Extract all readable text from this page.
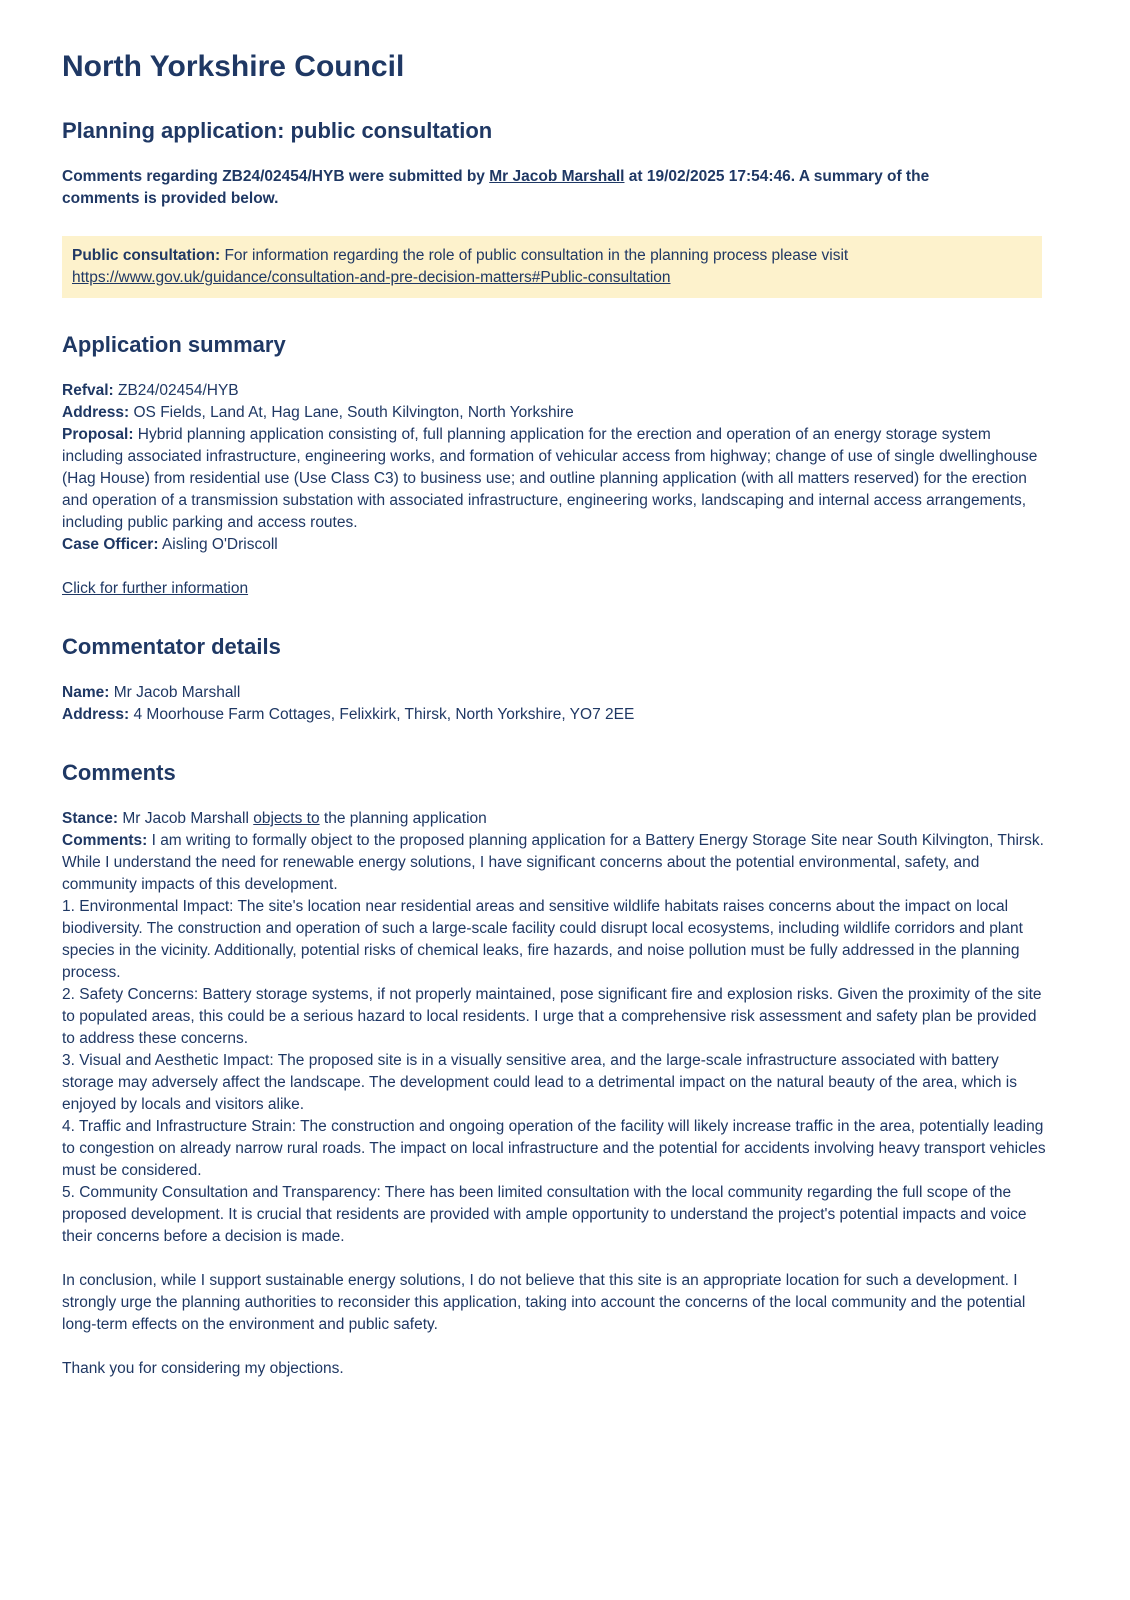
North Yorkshire Council
Planning application: public consultation

Comments regarding ZB24/02454/HYB were submitted by Mr Jacob Marshall at 19/02/2025 17:54:46. A summary of the comments is provided below.

Public consultation: For information regarding the role of public consultation in the planning process please visit https://www.gov.uk/guidance/consultation-and-pre-decision-matters#Public-consultation
Application summary

Refval: ZB24/02454/HYB

Address: OS Fields, Land At, Hag Lane, South Kilvington, North Yorkshire

Proposal: Hybrid planning application consisting of, full planning application for the erection and operation of an energy storage system including associated infrastructure, engineering works, and formation of vehicular access from highway; change of use of single dwellinghouse (Hag House) from residential use (Use Class C3) to business use; and outline planning application (with all matters reserved) for the erection and operation of a transmission substation with associated infrastructure, engineering works, landscaping and internal access arrangements, including public parking and access routes.

Case Officer: Aisling O'Driscoll

Click for further information
Commentator details

Name: Mr Jacob Marshall

Address: 4 Moorhouse Farm Cottages, Felixkirk, Thirsk, North Yorkshire, YO7 2EE

Comments

Stance: Mr Jacob Marshall objects to the planning application

Comments: I am writing to formally object to the proposed planning application for a Battery Energy Storage Site near South Kilvington, Thirsk. While I understand the need for renewable energy solutions, I have significant concerns about the potential environmental, safety, and community impacts of this development.

1. Environmental Impact: The site's location near residential areas and sensitive wildlife habitats raises concerns about the impact on local biodiversity. The construction and operation of such a large-scale facility could disrupt local ecosystems, including wildlife corridors and plant species in the vicinity. Additionally, potential risks of chemical leaks, fire hazards, and noise pollution must be fully addressed in the planning process.

2. Safety Concerns: Battery storage systems, if not properly maintained, pose significant fire and explosion risks. Given the proximity of the site to populated areas, this could be a serious hazard to local residents. I urge that a comprehensive risk assessment and safety plan be provided to address these concerns.

3. Visual and Aesthetic Impact: The proposed site is in a visually sensitive area, and the large-scale infrastructure associated with battery storage may adversely affect the landscape. The development could lead to a detrimental impact on the natural beauty of the area, which is enjoyed by locals and visitors alike.

4. Traffic and Infrastructure Strain: The construction and ongoing operation of the facility will likely increase traffic in the area, potentially leading to congestion on already narrow rural roads. The impact on local infrastructure and the potential for accidents involving heavy transport vehicles must be considered.

5. Community Consultation and Transparency: There has been limited consultation with the local community regarding the full scope of the proposed development. It is crucial that residents are provided with ample opportunity to understand the project's potential impacts and voice their concerns before a decision is made.

In conclusion, while I support sustainable energy solutions, I do not believe that this site is an appropriate location for such a development. I strongly urge the planning authorities to reconsider this application, taking into account the concerns of the local community and the potential long-term effects on the environment and public safety.

Thank you for considering my objections.
